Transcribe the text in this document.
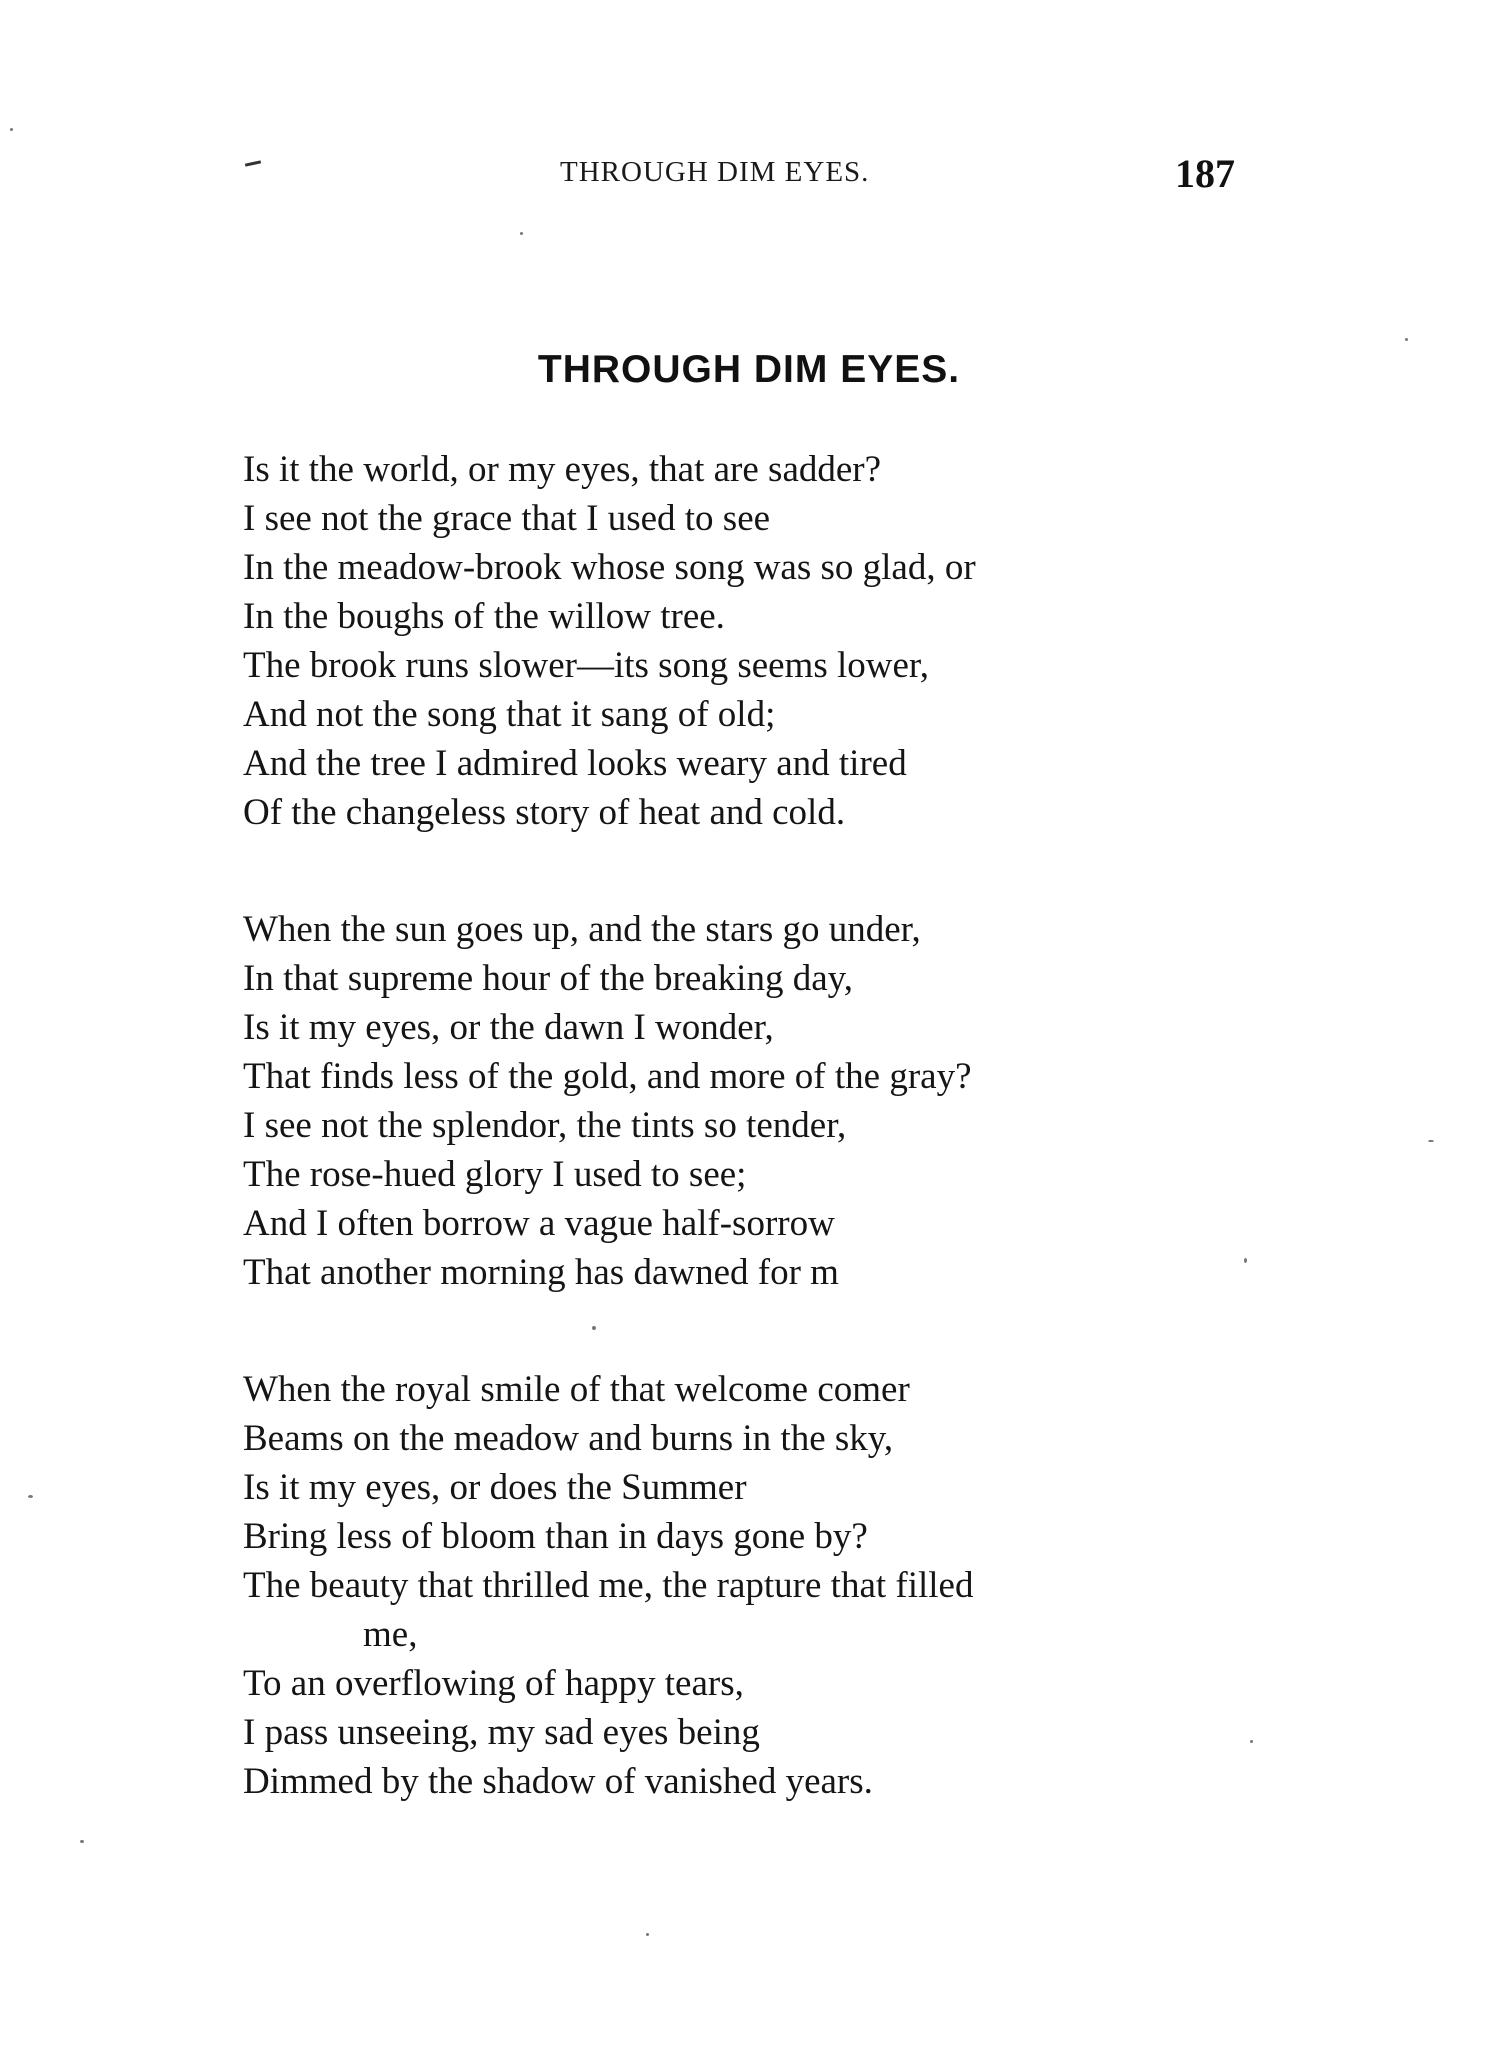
THROUGH DIM EYES.	187
THROUGH DIM EYES.
Is it the world, or my eyes, that are sadder?
I see not the grace that I used to see
In the meadow-brook whose song was so glad, or
In the boughs of the willow tree.
The brook runs slower—its song seems lower,
And not the song that it sang of old;
And the tree I admired looks weary and tired
Of the changeless story of heat and cold.
When the sun goes up, and the stars go under,
In that supreme hour of the breaking day,
Is it my eyes, or the dawn I wonder,
That finds less of the gold, and more of the gray?
I see not the splendor, the tints so tender,
The rose-hued glory I used to see;
And I often borrow a vague half-sorrow
That another morning has dawned for m
When the royal smile of that welcome comer
Beams on the meadow and burns in the sky,
Is it my eyes, or does the Summer
Bring less of bloom than in days gone by?
The beauty that thrilled me, the rapture that filled
me,
To an overflowing of happy tears,
I pass unseeing, my sad eyes being
Dimmed by the shadow of vanished years.
